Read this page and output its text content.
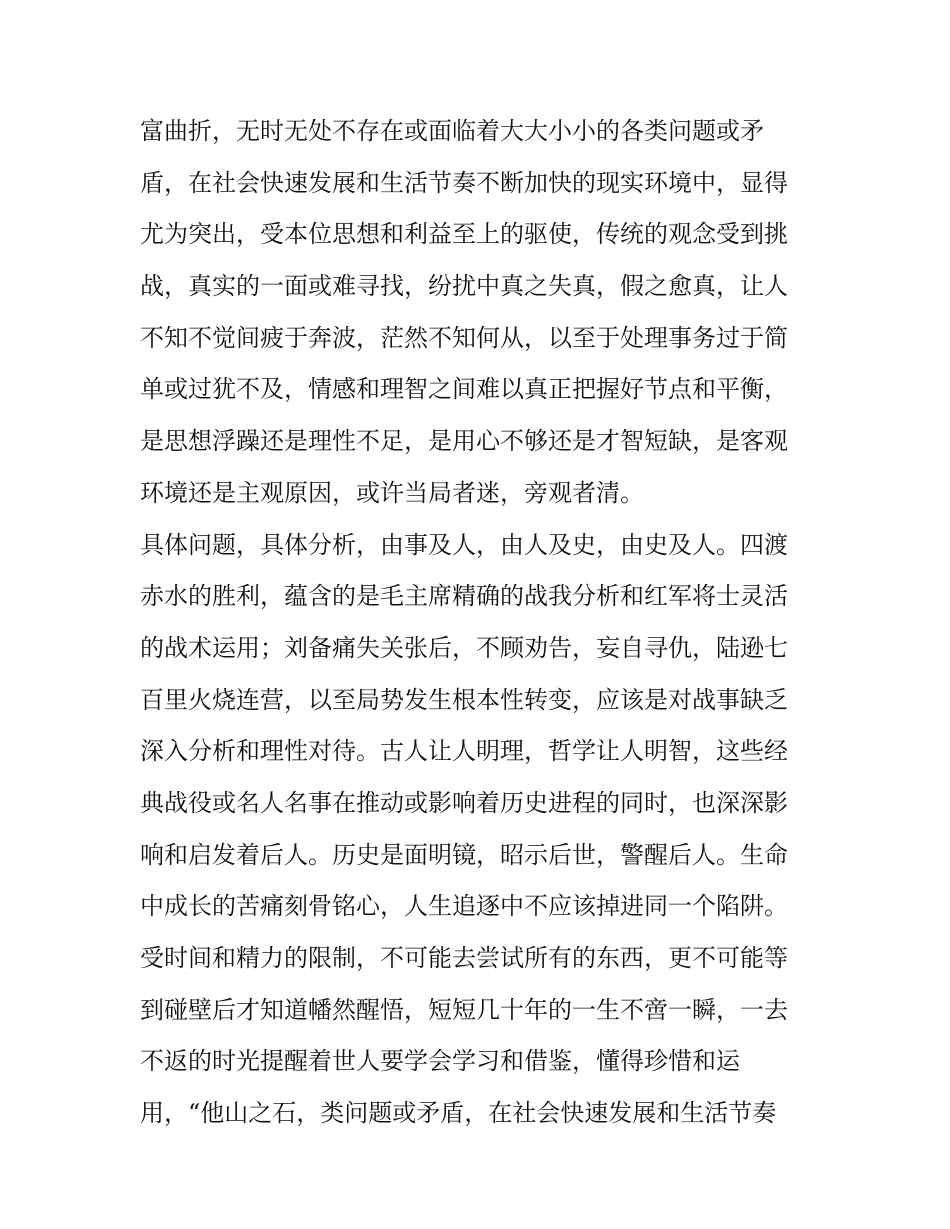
富曲折，无时无处不存在或面临着大大小小的各类问题或矛
盾，在社会快速发展和生活节奏不断加快的现实环境中，显得
尤为突出，受本位思想和利益至上的驱使，传统的观念受到挑
战，真实的一面或难寻找，纷扰中真之失真，假之愈真，让人
不知不觉间疲于奔波，茫然不知何从，以至于处理事务过于简
单或过犹不及，情感和理智之间难以真正把握好节点和平衡，
是思想浮躁还是理性不足，是用心不够还是才智短缺，是客观
环境还是主观原因，或许当局者迷，旁观者清。
具体问题，具体分析，由事及人，由人及史，由史及人。四渡
赤水的胜利，蕴含的是毛主席精确的战我分析和红军将士灵活
的战术运用；刘备痛失关张后，不顾劝告，妄自寻仇，陆逊七
百里火烧连营，以至局势发生根本性转变，应该是对战事缺乏
深入分析和理性对待。古人让人明理，哲学让人明智，这些经
典战役或名人名事在推动或影响着历史进程的同时，也深深影
响和启发着后人。历史是面明镜，昭示后世，警醒后人。生命
中成长的苦痛刻骨铭心，人生追逐中不应该掉进同一个陷阱。
受时间和精力的限制，不可能去尝试所有的东西，更不可能等
到碰壁后才知道幡然醒悟，短短几十年的一生不啻一瞬，一去
不返的时光提醒着世人要学会学习和借鉴，懂得珍惜和运
用，“他山之石，类问题或矛盾，在社会快速发展和生活节奏
